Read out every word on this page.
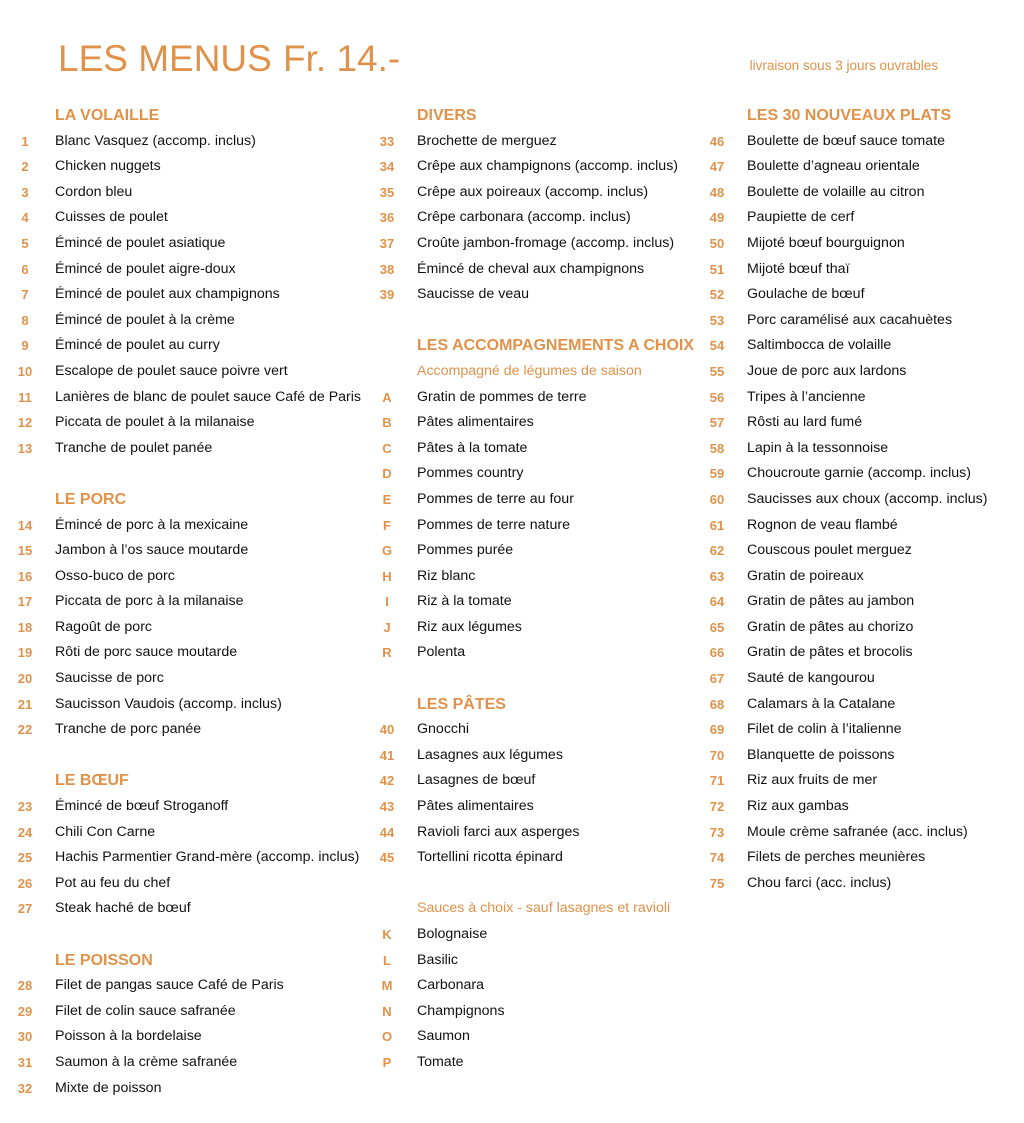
LES MENUS Fr. 14.-	livraison sous 3 jours ouvrables
LA VOLAILLE
1	Blanc Vasquez (accomp. inclus)
2	Chicken nuggets
3	Cordon bleu
4	Cuisses de poulet
5	Émincé de poulet asiatique
6	Émincé de poulet aigre-doux
7	Émincé de poulet aux champignons
8	Émincé de poulet à la crème
9	Émincé de poulet au curry
10	Escalope de poulet sauce poivre vert
11	Lanières de blanc de poulet sauce Café de Paris
12	Piccata de poulet à la milanaise
13	Tranche de poulet panée
LE PORC
14	Émincé de porc à la mexicaine
15	Jambon à l’os sauce moutarde
16	Osso-buco de porc
17	Piccata de porc à la milanaise
18	Ragoût de porc
19	Rôti de porc sauce moutarde
20	Saucisse de porc
21	Saucisson Vaudois (accomp. inclus)
22	Tranche de porc panée
LE BŒUF
23	Émincé de bœuf Stroganoff
24	Chili Con Carne
25	Hachis Parmentier Grand-mère (accomp. inclus)
26	Pot au feu du chef
27	Steak haché de bœuf
LE POISSON
28	Filet de pangas sauce Café de Paris
29	Filet de colin sauce safranée
30	Poisson à la bordelaise
31	Saumon à la crème safranée
32	Mixte de poisson
DIVERS
33	Brochette de merguez
34	Crêpe aux champignons (accomp. inclus)
35	Crêpe aux poireaux (accomp. inclus)
36	Crêpe carbonara (accomp. inclus)
37	Croûte jambon-fromage (accomp. inclus)
38	Émincé de cheval aux champignons
39	Saucisse de veau
LES ACCOMPAGNEMENTS A CHOIX
Accompagné de légumes de saison
A	Gratin de pommes de terre
B	Pâtes alimentaires
C	Pâtes à la tomate
D	Pommes country
E	Pommes de terre au four
F	Pommes de terre nature
G	Pommes purée
H	Riz blanc
I	Riz à la tomate
J	Riz aux légumes
R	Polenta
LES PÂTES
40	Gnocchi
41	Lasagnes aux légumes
42	Lasagnes de bœuf
43	Pâtes alimentaires
44	Ravioli farci aux asperges
45	Tortellini ricotta épinard
Sauces à choix - sauf lasagnes et ravioli
K	Bolognaise
L	Basilic
M	Carbonara
N	Champignons
O	Saumon
P	Tomate
LES 30 NOUVEAUX PLATS
46	Boulette de bœuf sauce tomate
47	Boulette d’agneau orientale
48	Boulette de volaille au citron
49	Paupiette de cerf
50	Mijoté bœuf bourguignon
51	Mijoté bœuf thaï
52	Goulache de bœuf
53	Porc caramélisé aux cacahuètes
54	Saltimbocca de volaille
55	Joue de porc aux lardons
56	Tripes à l’ancienne
57	Rôsti au lard fumé
58	Lapin à la tessonnoise
59	Choucroute garnie (accomp. inclus)
60	Saucisses aux choux (accomp. inclus)
61	Rognon de veau flambé
62	Couscous poulet merguez
63	Gratin de poireaux
64	Gratin de pâtes au jambon
65	Gratin de pâtes au chorizo
66	Gratin de pâtes et brocolis
67	Sauté de kangourou
68	Calamars à la Catalane
69	Filet de colin à l’italienne
70	Blanquette de poissons
71	Riz aux fruits de mer
72	Riz aux gambas
73	Moule crème safranée (acc. inclus)
74	Filets de perches meunières
75	Chou farci (acc. inclus)
